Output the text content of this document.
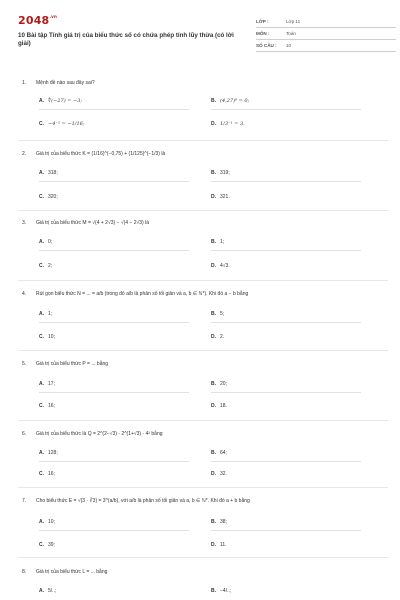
$2048^{.vn}$
10 Bài tập Tính giá trị của biểu thức số có chứa phép tính lũy thừa (có lời giải)
LỚP :	Lớp 11
MÔN :	Toán
SỐ CÂU :	10
1.	Mệnh đề nào sau đây sai?
A. ∜(−27) = −3;	B. (4,27)⁰ = 0;
C. −4⁻² = −1/16;	D. 1/3⁻¹ = 3.
2.	Giá trị của biểu thức K = (1/16)^(−0,75) + (1/125)^(−1/3) là
A. 318;	B. 319;
C. 320;	D. 321.
3.	Giá trị của biểu thức M = √(4 + 2√3) − √(4 − 2√3) là
A. 0;	B. 1;
C. 2;	D. 4√3.
4.	Rút gọn biểu thức N = ... = a/b (trong đó a/b là phân số tối giản và a, b ∈ ℕ*). Khi đó a − b bằng
A. 1;	B. 5;
C. 10;	D. 2.
5.	Giá trị của biểu thức P = ... bằng
A. 17;	B. 20;
C. 16;	D. 18.
6.	Giá trị của biểu thức là Q = 2^(2−√3) · 2^(1+√3) · 4² bằng
A. 128;	B. 64;
C. 16;	D. 32.
7.	Cho biểu thức E = √(3 · ∛3) = 3^(a/b), với a/b là phân số tối giản và a, b ∈ ℕ*. Khi đó a + b bằng
A. 10;	B. 38;
C. 39;	D. 11.
8.	Giá trị của biểu thức L = ... bằng
A. 5/..;	B. −4/..;
